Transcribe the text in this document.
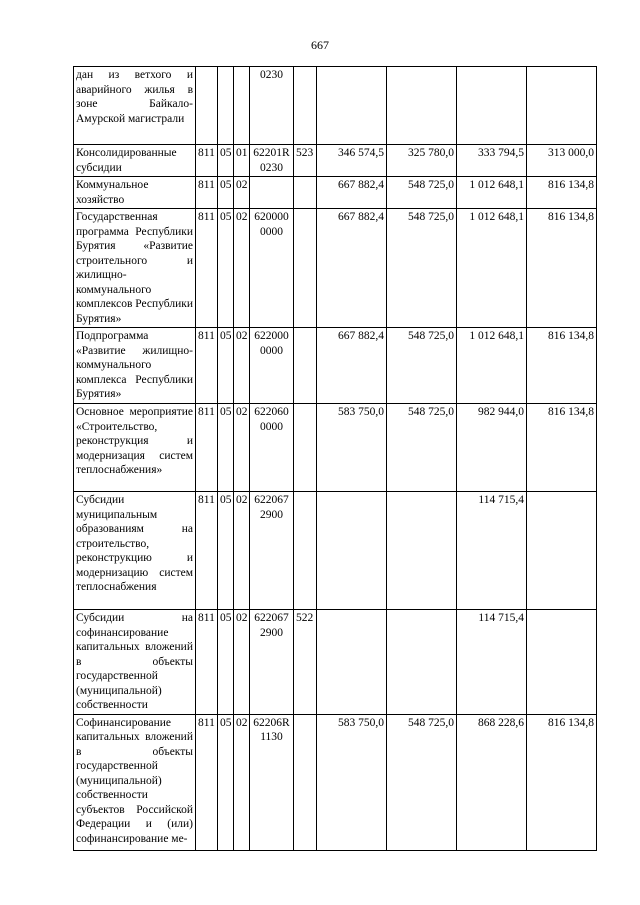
667
дан из ветхого и аварийного жилья в зоне Байкало-Амурской магистрали				0230					
Консолидированные субсидии	811	05	01	62201R 0230	523	346 574,5	325 780,0	333 794,5	313 000,0
Коммунальное хозяйство	811	05	02			667 882,4	548 725,0	1 012 648,1	816 134,8
Государственная программа Республики Бурятия «Развитие строительного и жилищно-коммунального комплексов Республики Бурятия»	811	05	02	620000 0000		667 882,4	548 725,0	1 012 648,1	816 134,8
Подпрограмма «Развитие жилищно-коммунального комплекса Республики Бурятия»	811	05	02	622000 0000		667 882,4	548 725,0	1 012 648,1	816 134,8
Основное мероприятие «Строительство, реконструкция и модернизация систем теплоснабжения»	811	05	02	622060 0000		583 750,0	548 725,0	982 944,0	816 134,8
Субсидии муниципальным образованиям на строительство, реконструкцию и модернизацию систем теплоснабжения	811	05	02	622067 2900				114 715,4	
Субсидии на софинансирование капитальных вложений в объекты государственной (муниципальной) собственности	811	05	02	622067 2900	522			114 715,4	
Софинансирование капитальных вложений в объекты государственной (муниципальной) собственности субъектов Российской Федерации и (или) софинансирование ме-	811	05	02	62206R 1130		583 750,0	548 725,0	868 228,6	816 134,8
